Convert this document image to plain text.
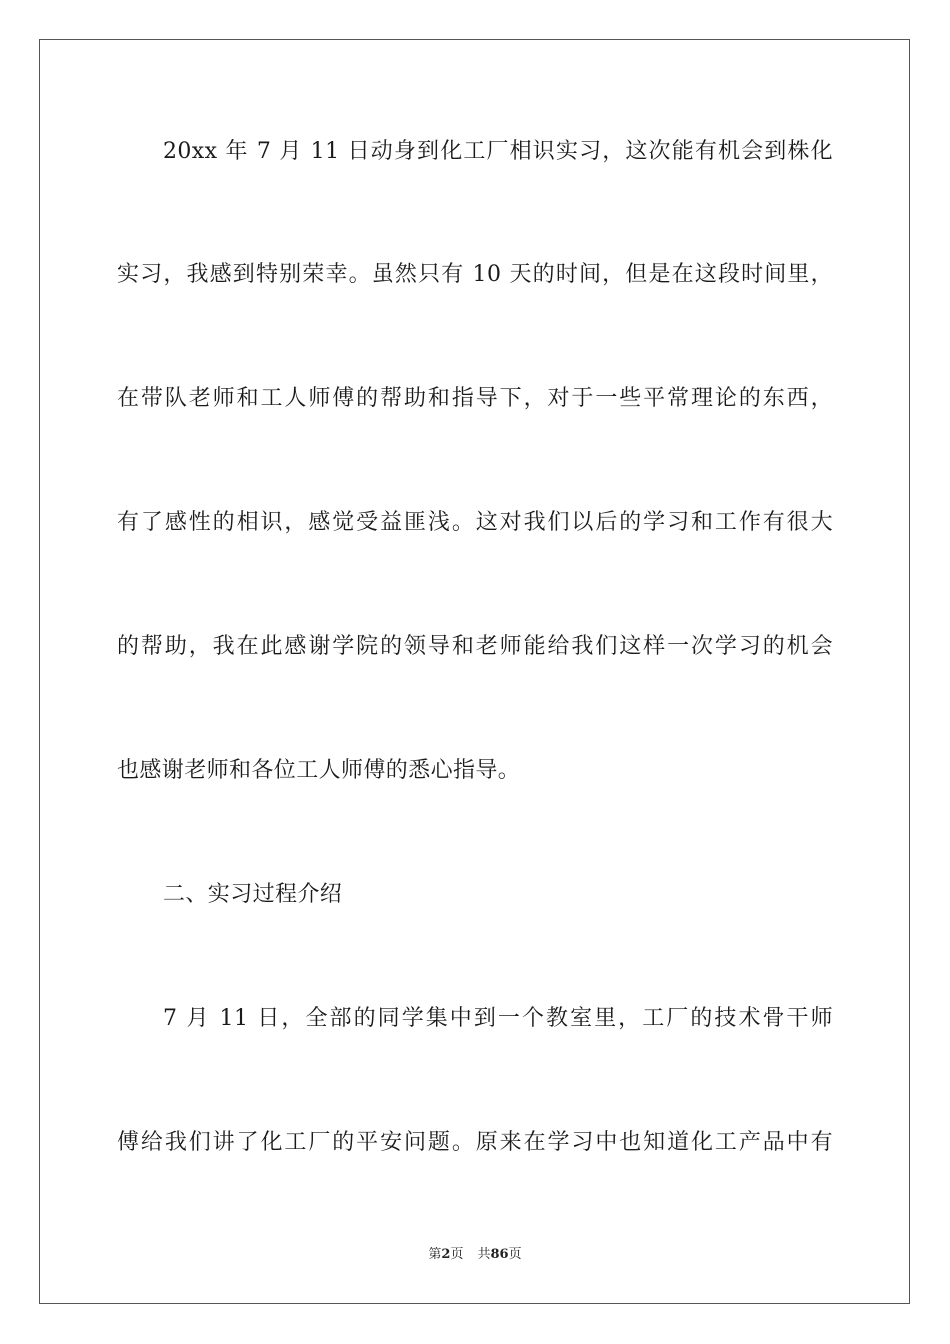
20xx 年 7 月 11 日动身到化工厂相识实习，这次能有机会到株化
实习，我感到特别荣幸。虽然只有 10 天的时间，但是在这段时间里，
在带队老师和工人师傅的帮助和指导下，对于一些平常理论的东西，
有了感性的相识，感觉受益匪浅。这对我们以后的学习和工作有很大
的帮助，我在此感谢学院的领导和老师能给我们这样一次学习的机会
也感谢老师和各位工人师傅的悉心指导。
二、实习过程介绍
7 月 11 日，全部的同学集中到一个教室里，工厂的技术骨干师
傅给我们讲了化工厂的平安问题。原来在学习中也知道化工产品中有
第2页 共86页
